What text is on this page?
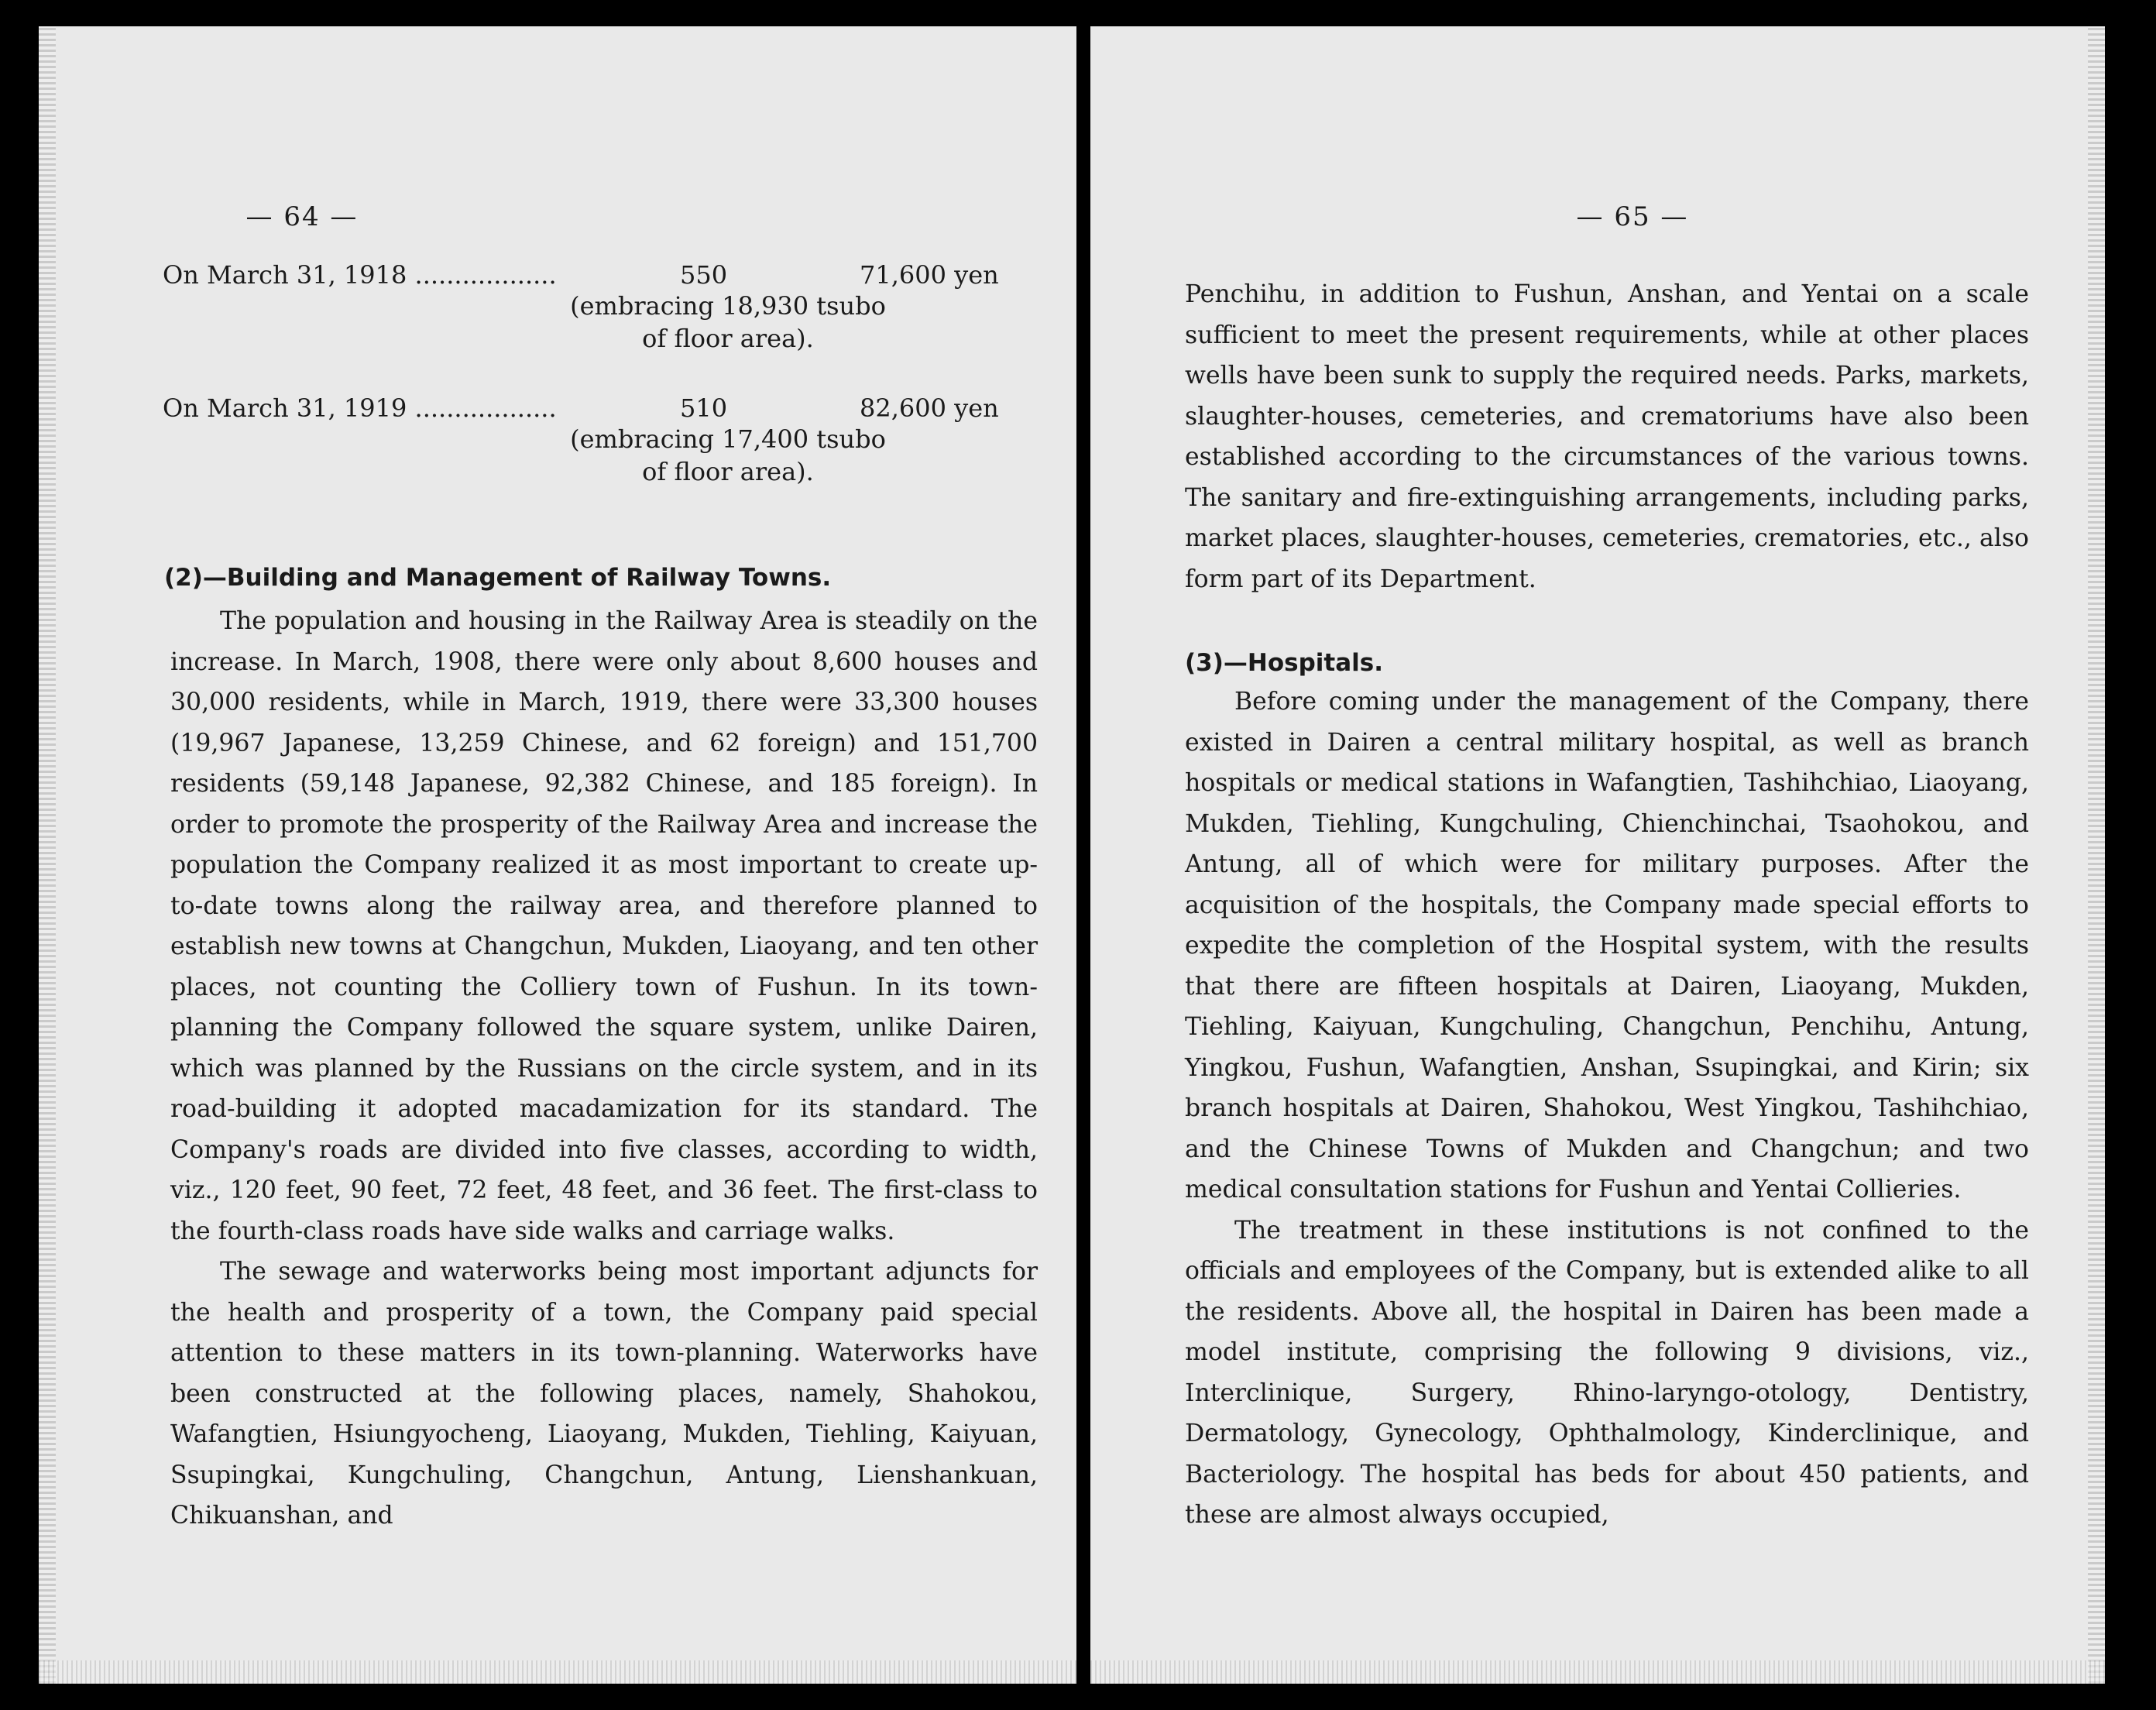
— 64 —
On March 31, 1918 ..................	550	71,600 yen
(embracing 18,930 tsubo of floor area).
On March 31, 1919 ..................	510	82,600 yen
(embracing 17,400 tsubo of floor area).
(2)—Building and Management of Railway Towns.

The population and housing in the Railway Area is steadily on the increase. In March, 1908, there were only about 8,600 houses and 30,000 residents, while in March, 1919, there were 33,300 houses (19,967 Japanese, 13,259 Chinese, and 62 foreign) and 151,700 residents (59,148 Japanese, 92,382 Chinese, and 185 foreign). In order to promote the prosperity of the Railway Area and increase the population the Company realized it as most important to create up-to-date towns along the railway area, and therefore planned to establish new towns at Changchun, Mukden, Liaoyang, and ten other places, not counting the Colliery town of Fushun. In its town-planning the Company followed the square system, unlike Dairen, which was planned by the Russians on the circle system, and in its road-building it adopted macadamization for its standard. The Company's roads are divided into five classes, according to width, viz., 120 feet, 90 feet, 72 feet, 48 feet, and 36 feet. The first-class to the fourth-class roads have side walks and carriage walks.

The sewage and waterworks being most important adjuncts for the health and prosperity of a town, the Company paid special attention to these matters in its town-planning. Waterworks have been constructed at the following places, namely, Shahokou, Wafangtien, Hsiungyocheng, Liaoyang, Mukden, Tiehling, Kaiyuan, Ssupingkai, Kungchuling, Changchun, Antung, Lienshankuan, Chikuanshan, and

— 65 —

Penchihu, in addition to Fushun, Anshan, and Yentai on a scale sufficient to meet the present requirements, while at other places wells have been sunk to supply the required needs. Parks, markets, slaughter-houses, cemeteries, and crematoriums have also been established according to the circumstances of the various towns. The sanitary and fire-extinguishing arrangements, including parks, market places, slaughter-houses, cemeteries, crematories, etc., also form part of its Department.

(3)—Hospitals.

Before coming under the management of the Company, there existed in Dairen a central military hospital, as well as branch hospitals or medical stations in Wafangtien, Tashihchiao, Liaoyang, Mukden, Tiehling, Kungchuling, Chienchinchai, Tsaohokou, and Antung, all of which were for military purposes. After the acquisition of the hospitals, the Company made special efforts to expedite the completion of the Hospital system, with the results that there are fifteen hospitals at Dairen, Liaoyang, Mukden, Tiehling, Kaiyuan, Kungchuling, Changchun, Penchihu, Antung, Yingkou, Fushun, Wafangtien, Anshan, Ssupingkai, and Kirin; six branch hospitals at Dairen, Shahokou, West Yingkou, Tashihchiao, and the Chinese Towns of Mukden and Changchun; and two medical consultation stations for Fushun and Yentai Collieries.

The treatment in these institutions is not confined to the officials and employees of the Company, but is extended alike to all the residents. Above all, the hospital in Dairen has been made a model institute, comprising the following 9 divisions, viz., Interclinique, Surgery, Rhino-laryngo-otology, Dentistry, Dermatology, Gynecology, Ophthalmology, Kinderclinique, and Bacteriology. The hospital has beds for about 450 patients, and these are almost always occupied,
